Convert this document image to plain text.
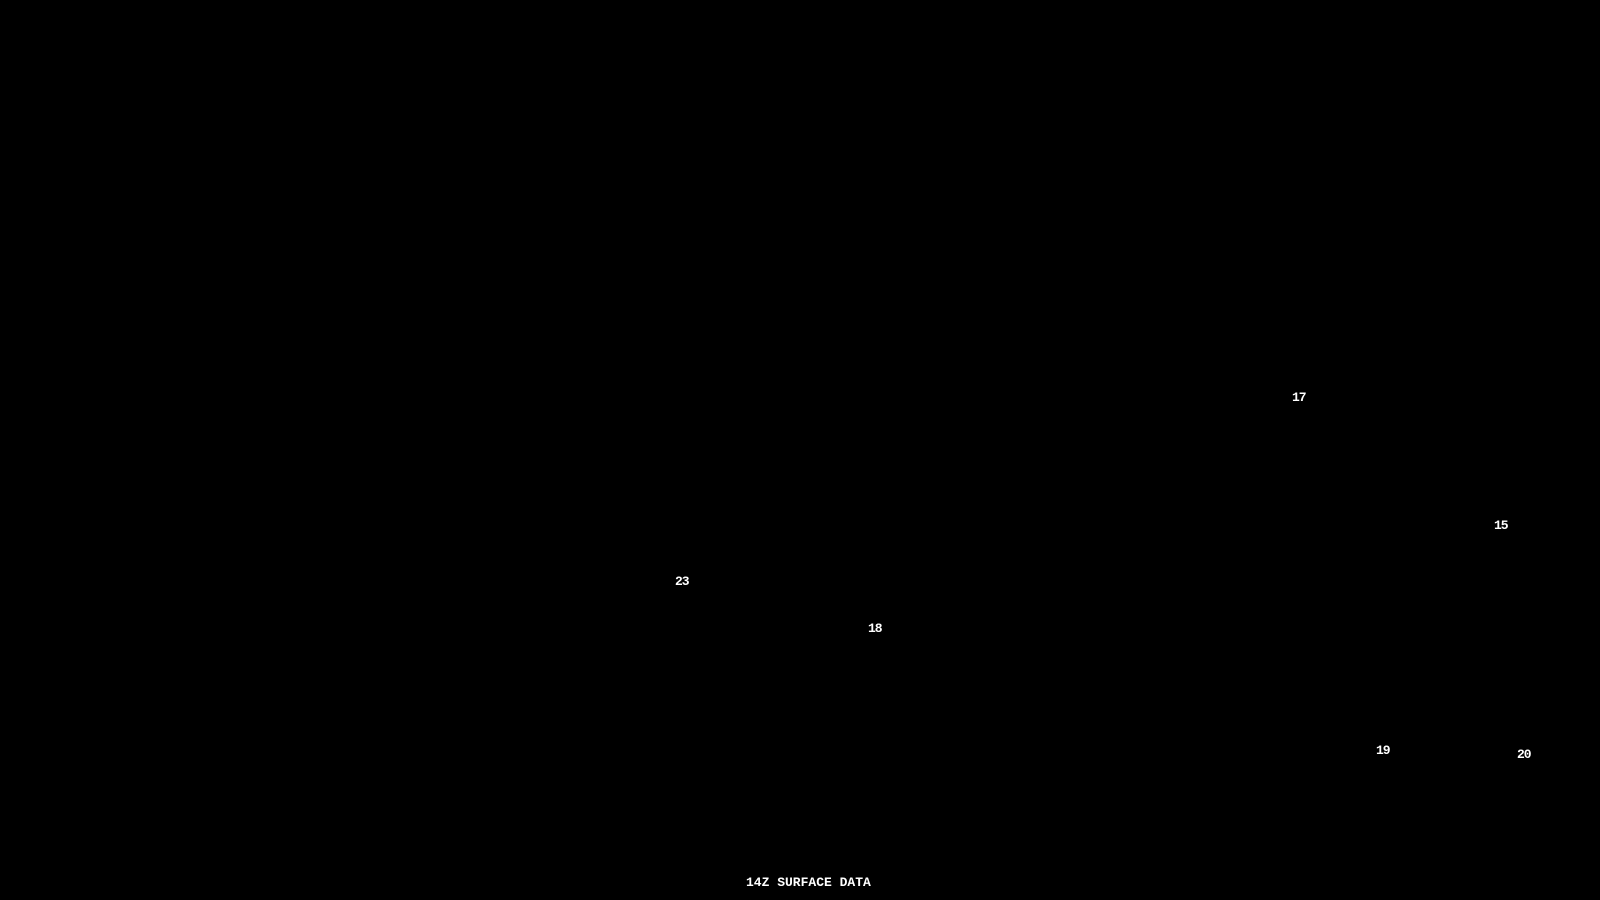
17
15
23
18
19	20
14Z SURFACE DATA
